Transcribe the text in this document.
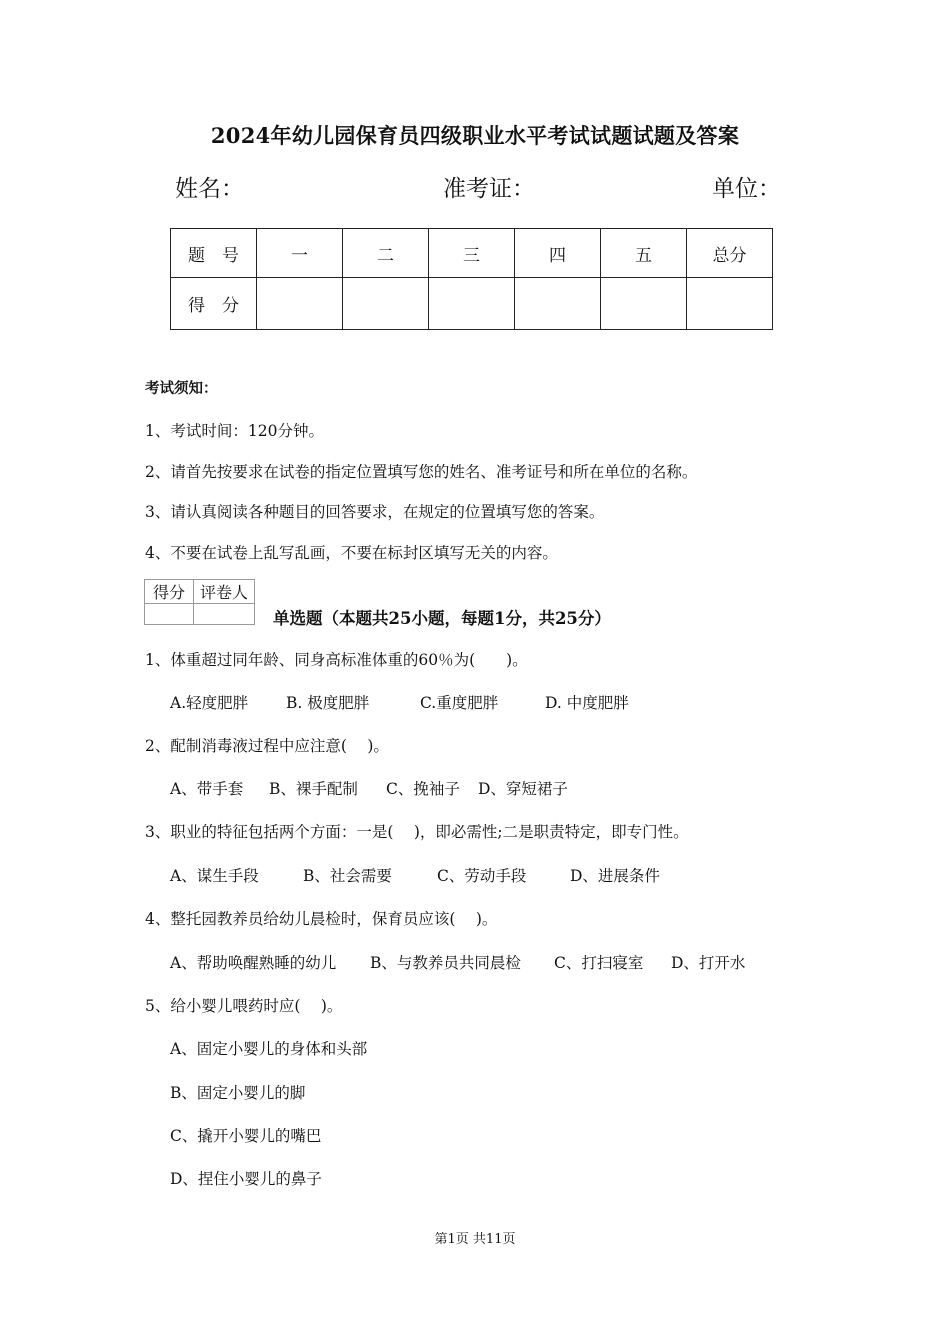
2024年幼儿园保育员四级职业水平考试试题试题及答案
姓名：	准考证：	单位：
题　号	一	二	三	四	五	总分
得　分						
考试须知：
1、考试时间：120分钟。
2、请首先按要求在试卷的指定位置填写您的姓名、准考证号和所在单位的名称。
3、请认真阅读各种题目的回答要求，在规定的位置填写您的答案。
4、不要在试卷上乱写乱画，不要在标封区填写无关的内容。
得分	评卷人

单选题（本题共25小题，每题1分，共25分）
1、体重超过同年龄、同身高标准体重的60％为(　　)。
A.轻度肥胖 B. 极度肥胖	C.重度肥胖	D. 中度肥胖
2、配制消毒液过程中应注意(　 )。
A、带手套 B、裸手配制 C、挽袖子 D、穿短裙子
3、职业的特征包括两个方面：一是(　 )，即必需性;二是职责特定，即专门性。
A、谋生手段	B、社会需要	C、劳动手段	D、进展条件
4、整托园教养员给幼儿晨检时，保育员应该(　 )。
A、帮助唤醒熟睡的幼儿 B、与教养员共同晨检 C、打扫寝室 D、打开水
5、给小婴儿喂药时应(　 )。
A、固定小婴儿的身体和头部
B、固定小婴儿的脚
C、撬开小婴儿的嘴巴
D、捏住小婴儿的鼻子
第1页 共11页
